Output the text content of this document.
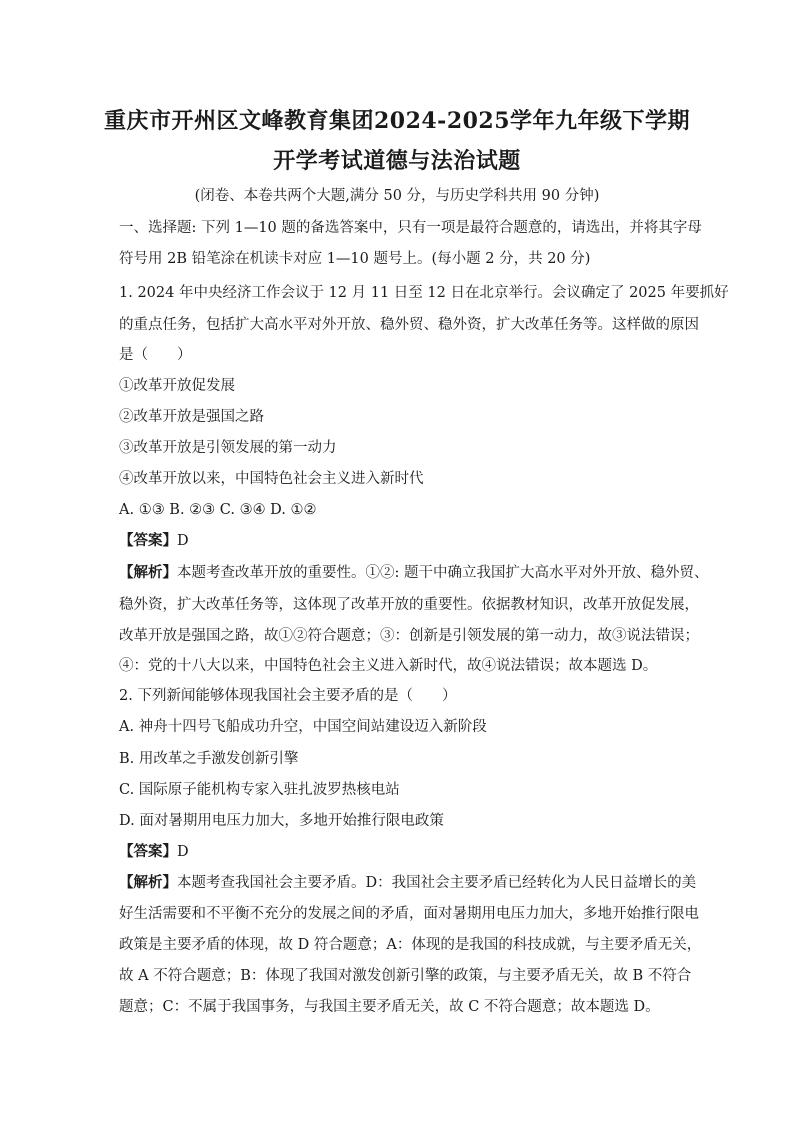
重庆市开州区文峰教育集团2024-2025学年九年级下学期
开学考试道德与法治试题
(闭卷、本卷共两个大题,满分 50 分，与历史学科共用 90 分钟)
一、选择题: 下列 1—10 题的备选答案中，只有一项是最符合题意的，请选出，并将其字母
符号用 2B 铅笔涂在机读卡对应 1—10 题号上。(每小题 2 分，共 20 分)
1. 2024 年中央经济工作会议于 12 月 11 日至 12 日在北京举行。会议确定了 2025 年要抓好
的重点任务，包括扩大高水平对外开放、稳外贸、稳外资，扩大改革任务等。这样做的原因
是（　　）
①改革开放促发展
②改革开放是强国之路
③改革开放是引领发展的第一动力
④改革开放以来，中国特色社会主义进入新时代
A. ①③ B. ②③ C. ③④ D. ①②
【答案】D
【解析】本题考查改革开放的重要性。①②: 题干中确立我国扩大高水平对外开放、稳外贸、
稳外资，扩大改革任务等，这体现了改革开放的重要性。依据教材知识，改革开放促发展，
改革开放是强国之路，故①②符合题意；③：创新是引领发展的第一动力，故③说法错误；
④：党的十八大以来，中国特色社会主义进入新时代，故④说法错误；故本题选 D。
2. 下列新闻能够体现我国社会主要矛盾的是（　　）
A. 神舟十四号飞船成功升空，中国空间站建设迈入新阶段
B. 用改革之手激发创新引擎
C. 国际原子能机构专家入驻扎波罗热核电站
D. 面对暑期用电压力加大，多地开始推行限电政策
【答案】D
【解析】本题考查我国社会主要矛盾。D：我国社会主要矛盾已经转化为人民日益增长的美
好生活需要和不平衡不充分的发展之间的矛盾，面对暑期用电压力加大，多地开始推行限电
政策是主要矛盾的体现，故 D 符合题意；A：体现的是我国的科技成就，与主要矛盾无关，
故 A 不符合题意；B：体现了我国对激发创新引擎的政策，与主要矛盾无关，故 B 不符合
题意；C：不属于我国事务，与我国主要矛盾无关，故 C 不符合题意；故本题选 D。
